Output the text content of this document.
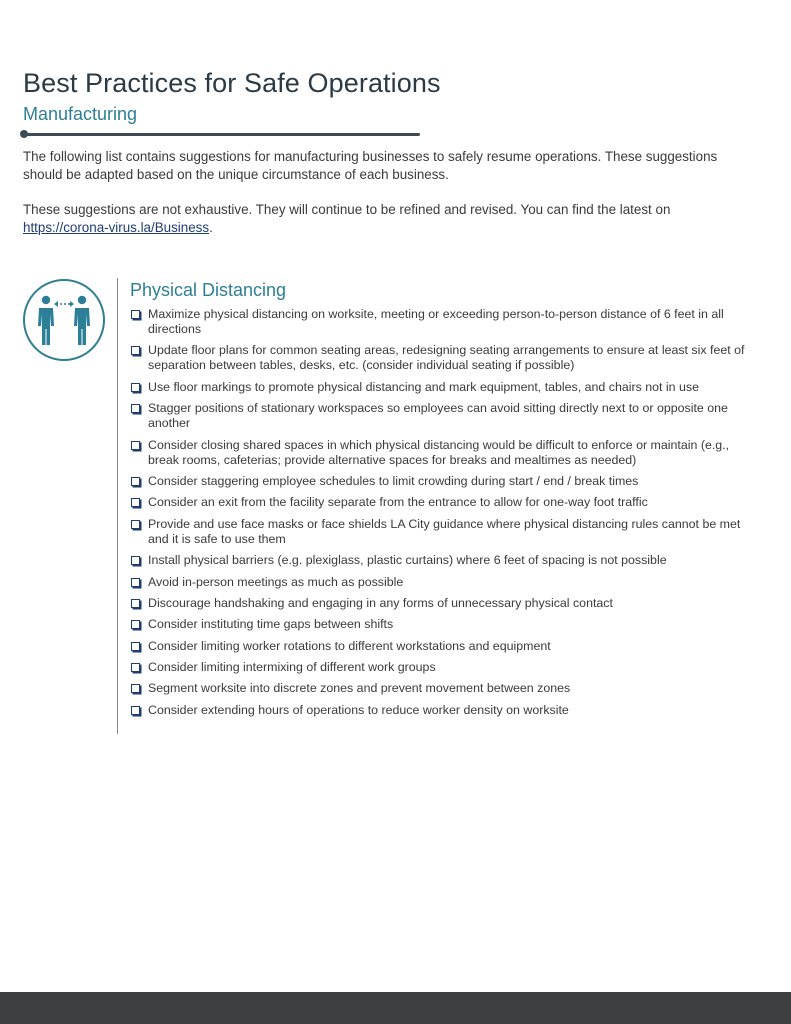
Best Practices for Safe Operations
Manufacturing

The following list contains suggestions for manufacturing businesses to safely resume operations. These suggestions should be adapted based on the unique circumstance of each business.

These suggestions are not exhaustive. They will continue to be refined and revised. You can find the latest on https://corona-virus.la/Business.

Physical Distancing
Maximize physical distancing on worksite, meeting or exceeding person-to-person distance of 6 feet in all directions
Update floor plans for common seating areas, redesigning seating arrangements to ensure at least six feet of separation between tables, desks, etc. (consider individual seating if possible)
Use floor markings to promote physical distancing and mark equipment, tables, and chairs not in use
Stagger positions of stationary workspaces so employees can avoid sitting directly next to or opposite one another
Consider closing shared spaces in which physical distancing would be difficult to enforce or maintain (e.g., break rooms, cafeterias; provide alternative spaces for breaks and mealtimes as needed)
Consider staggering employee schedules to limit crowding during start / end / break times
Consider an exit from the facility separate from the entrance to allow for one-way foot traffic
Provide and use face masks or face shields LA City guidance where physical distancing rules cannot be met and it is safe to use them
Install physical barriers (e.g. plexiglass, plastic curtains) where 6 feet of spacing is not possible
Avoid in-person meetings as much as possible
Discourage handshaking and engaging in any forms of unnecessary physical contact
Consider instituting time gaps between shifts
Consider limiting worker rotations to different workstations and equipment
Consider limiting intermixing of different work groups
Segment worksite into discrete zones and prevent movement between zones
Consider extending hours of operations to reduce worker density on worksite
